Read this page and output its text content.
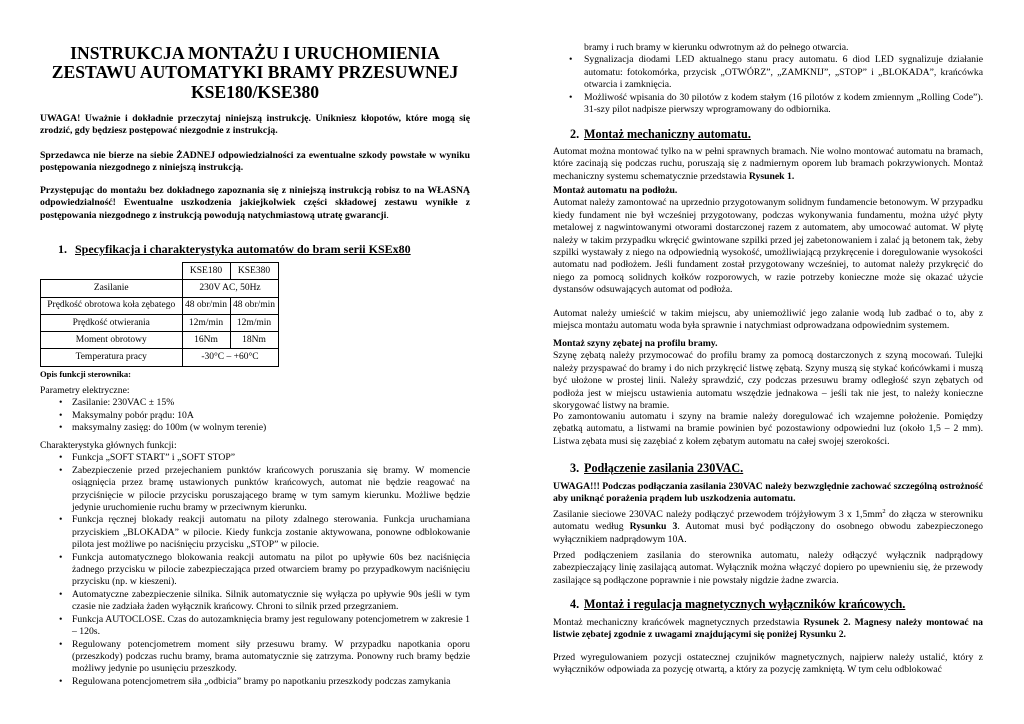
INSTRUKCJA MONTAŻU I URUCHOMIENIA
ZESTAWU AUTOMATYKI BRAMY PRZESUWNEJ
KSE180/KSE380

UWAGA! Uważnie i dokładnie przeczytaj niniejszą instrukcję. Unikniesz kłopotów, które mogą się zrodzić, gdy będziesz postępować niezgodnie z instrukcją.

Sprzedawca nie bierze na siebie ŻADNEJ odpowiedzialności za ewentualne szkody powstałe w wyniku postępowania niezgodnego z niniejszą instrukcją.

Przystępując do montażu bez dokładnego zapoznania się z niniejszą instrukcją robisz to na WŁASNĄ odpowiedzialność! Ewentualne uszkodzenia jakiejkolwiek części składowej zestawu wynikłe z postępowania niezgodnego z instrukcją powodują natychmiastową utratę gwarancji.

1. Specyfikacja i charakterystyka automatów do bram serii KSEx80
	KSE180	KSE380
Zasilanie	230V AC, 50Hz	
Prędkość obrotowa koła zębatego	48 obr/min	48 obr/min
Prędkość otwierania	12m/min	12m/min
Moment obrotowy	16Nm	18Nm
Temperatura pracy	-30°C – +60°C	

Opis funkcji sterownika:

Parametry elektryczne:

• Zasilanie: 230VAC ± 15%
• Maksymalny pobór prądu: 10A
• maksymalny zasięg: do 100m (w wolnym terenie)

Charakterystyka głównych funkcji:

• Funkcja „SOFT START” i „SOFT STOP”
• Zabezpieczenie przed przejechaniem punktów krańcowych poruszania się bramy. W momencie osiągnięcia przez bramę ustawionych punktów krańcowych, automat nie będzie reagować na przyciśnięcie w pilocie przycisku poruszającego bramę w tym samym kierunku. Możliwe będzie jedynie uruchomienie ruchu bramy w przeciwnym kierunku.
• Funkcja ręcznej blokady reakcji automatu na piloty zdalnego sterowania. Funkcja uruchamiana przyciskiem „BLOKADA” w pilocie. Kiedy funkcja zostanie aktywowana, ponowne odblokowanie pilota jest możliwe po naciśnięciu przycisku „STOP” w pilocie.
• Funkcja automatycznego blokowania reakcji automatu na pilot po upływie 60s bez naciśnięcia żadnego przycisku w pilocie zabezpieczająca przed otwarciem bramy po przypadkowym naciśnięciu przycisku (np. w kieszeni).
• Automatyczne zabezpieczenie silnika. Silnik automatycznie się wyłącza po upływie 90s jeśli w tym czasie nie zadziała żaden wyłącznik krańcowy. Chroni to silnik przed przegrzaniem.
• Funkcja AUTOCLOSE. Czas do autozamknięcia bramy jest regulowany potencjometrem w zakresie 1 – 120s.
• Regulowany potencjometrem moment siły przesuwu bramy. W przypadku napotkania oporu (przeszkody) podczas ruchu bramy, brama automatycznie się zatrzyma. Ponowny ruch bramy będzie możliwy jedynie po usunięciu przeszkody.
• Regulowana potencjometrem siła „odbicia” bramy po napotkaniu przeszkody podczas zamykania

bramy i ruch bramy w kierunku odwrotnym aż do pełnego otwarcia.

• Sygnalizacja diodami LED aktualnego stanu pracy automatu. 6 diod LED sygnalizuje działanie automatu: fotokomórka, przycisk „OTWÓRZ”, „ZAMKNIJ”, „STOP” i „BLOKADA”, krańcówka otwarcia i zamknięcia.
• Możliwość wpisania do 30 pilotów z kodem stałym (16 pilotów z kodem zmiennym „Rolling Code”). 31-szy pilot nadpisze pierwszy wprogramowany do odbiornika.
2. Montaż mechaniczny automatu.

Automat można montować tylko na w pełni sprawnych bramach. Nie wolno montować automatu na bramach, które zacinają się podczas ruchu, poruszają się z nadmiernym oporem lub bramach pokrzywionych. Montaż mechaniczny systemu schematycznie przedstawia Rysunek 1.

Montaż automatu na podłożu.

Automat należy zamontować na uprzednio przygotowanym solidnym fundamencie betonowym. W przypadku kiedy fundament nie był wcześniej przygotowany, podczas wykonywania fundamentu, można użyć płyty metalowej z nagwintowanymi otworami dostarczonej razem z automatem, aby umocować automat. W płytę należy w takim przypadku wkręcić gwintowane szpilki przed jej zabetonowaniem i zalać ją betonem tak, żeby szpilki wystawały z niego na odpowiednią wysokość, umożliwiającą przykręcenie i doregulowanie wysokości automatu nad podłożem. Jeśli fundament został przygotowany wcześniej, to automat należy przykręcić do niego za pomocą solidnych kołków rozporowych, w razie potrzeby konieczne może się okazać użycie dystansów odsuwających automat od podłoża.

Automat należy umieścić w takim miejscu, aby uniemożliwić jego zalanie wodą lub zadbać o to, aby z miejsca montażu automatu woda była sprawnie i natychmiast odprowadzana odpowiednim systemem.

Montaż szyny zębatej na profilu bramy.

Szynę zębatą należy przymocować do profilu bramy za pomocą dostarczonych z szyną mocowań. Tulejki należy przyspawać do bramy i do nich przykręcić listwę zębatą. Szyny muszą się stykać końcówkami i muszą być ułożone w prostej linii. Należy sprawdzić, czy podczas przesuwu bramy odległość szyn zębatych od podłoża jest w miejscu ustawienia automatu wszędzie jednakowa – jeśli tak nie jest, to należy konieczne skorygować listwy na bramie.

Po zamontowaniu automatu i szyny na bramie należy doregulować ich wzajemne położenie. Pomiędzy zębatką automatu, a listwami na bramie powinien być pozostawiony odpowiedni luz (około 1,5 – 2 mm). Listwa zębata musi się zazębiać z kołem zębatym automatu na całej swojej szerokości.

3. Podłączenie zasilania 230VAC.

UWAGA!!! Podczas podłączania zasilania 230VAC należy bezwzględnie zachować szczególną ostrożność aby uniknąć porażenia prądem lub uszkodzenia automatu.

Zasilanie sieciowe 230VAC należy podłączyć przewodem trójżyłowym 3 x $1,5mm^2$ do złącza w sterowniku automatu według Rysunku 3. Automat musi być podłączony do osobnego obwodu zabezpieczonego wyłącznikiem nadprądowym 10A.

Przed podłączeniem zasilania do sterownika automatu, należy odłączyć wyłącznik nadprądowy zabezpieczający linię zasilającą automat. Wyłącznik można włączyć dopiero po upewnieniu się, że przewody zasilające są podłączone poprawnie i nie powstały nigdzie żadne zwarcia.

4. Montaż i regulacja magnetycznych wyłączników krańcowych.

Montaż mechaniczny krańcówek magnetycznych przedstawia Rysunek 2. Magnesy należy montować na listwie zębatej zgodnie z uwagami znajdującymi się poniżej Rysunku 2.

Przed wyregulowaniem pozycji ostatecznej czujników magnetycznych, najpierw należy ustalić, który z wyłączników odpowiada za pozycję otwartą, a który za pozycję zamkniętą. W tym celu odblokować
